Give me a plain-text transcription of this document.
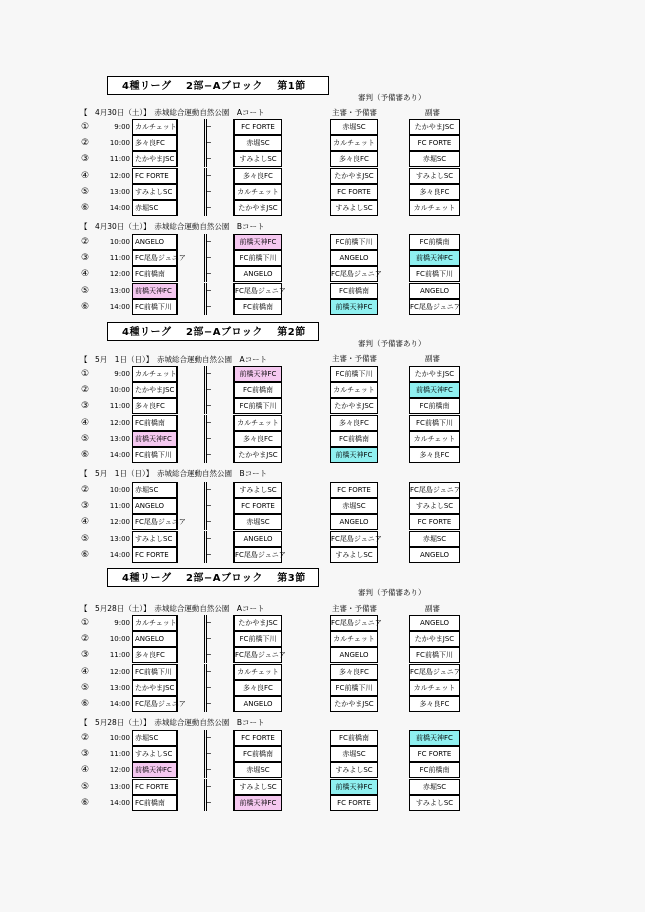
4種リーグ　 2部−Aブロック　 第1節
4種リーグ　 2部−Aブロック　 第2節
4種リーグ　 2部−Aブロック　 第3節
審判（予備審あり）
主審・予備審	副審
審判（予備審あり）
主審・予備審	副審
審判（予備審あり）
主審・予備審	副審
【　4月30日（土）】　赤城総合運動自然公園　Aコート
①	9:00 カルチェット	−	FC FORTE	赤堀SC	たかやまJSC
②	10:00 多々良FC	−	赤堀SC	カルチェット	FC FORTE
③	11:00 たかやまJSC	−	すみよしSC	多々良FC	赤堀SC
④	12:00 FC FORTE	−	多々良FC	たかやまJSC	すみよしSC
⑤	13:00 すみよしSC	−	カルチェット	FC FORTE	多々良FC
⑥	14:00 赤堀SC	−	たかやまJSC	すみよしSC	カルチェット
【　4月30日（土）】　赤城総合運動自然公園　Bコート
②	10:00 ANGELO	−	前橋天神FC	FC前橋下川	FC前橋南
③	11:00 FC尾島ジュニア −	FC前橋下川	ANGELO	前橋天神FC
④	12:00 FC前橋南	−	ANGELO	FC尾島ジュニア	FC前橋下川
⑤	13:00 前橋天神FC	−	FC尾島ジュニア	FC前橋南	ANGELO
⑥	14:00 FC前橋下川	−	FC前橋南	前橋天神FC	FC尾島ジュニア
【　5月　1日（日）】　赤城総合運動自然公園　Aコート
①	9:00 カルチェット	−	前橋天神FC	FC前橋下川	たかやまJSC
②	10:00 たかやまJSC	−	FC前橋南	カルチェット	前橋天神FC
③	11:00 多々良FC	−	FC前橋下川	たかやまJSC	FC前橋南
④	12:00 FC前橋南	−	カルチェット	多々良FC	FC前橋下川
⑤	13:00 前橋天神FC	−	多々良FC	FC前橋南	カルチェット
⑥	14:00 FC前橋下川	−	たかやまJSC	前橋天神FC	多々良FC
【　5月　1日（日）】　赤城総合運動自然公園　Bコート
②	10:00 赤堀SC	−	すみよしSC	FC FORTE	FC尾島ジュニア
③	11:00 ANGELO	−	FC FORTE	赤堀SC	すみよしSC
④	12:00 FC尾島ジュニア −	赤堀SC	ANGELO	FC FORTE
⑤	13:00 すみよしSC	−	ANGELO	FC尾島ジュニア	赤堀SC
⑥	14:00 FC FORTE	−	FC尾島ジュニア	すみよしSC	ANGELO
【　5月28日（土）】　赤城総合運動自然公園　Aコート
①	9:00 カルチェット	−	たかやまJSC	FC尾島ジュニア	ANGELO
②	10:00 ANGELO	−	FC前橋下川	カルチェット	たかやまJSC
③	11:00 多々良FC	−	FC尾島ジュニア	ANGELO	FC前橋下川
④	12:00 FC前橋下川	−	カルチェット	多々良FC	FC尾島ジュニア
⑤	13:00 たかやまJSC	−	多々良FC	FC前橋下川	カルチェット
⑥	14:00 FC尾島ジュニア −	ANGELO	たかやまJSC	多々良FC
【　5月28日（土）】　赤城総合運動自然公園　Bコート
②	10:00 赤堀SC	−	FC FORTE	FC前橋南	前橋天神FC
③	11:00 すみよしSC	−	FC前橋南	赤堀SC	FC FORTE
④	12:00 前橋天神FC	−	赤堀SC	すみよしSC	FC前橋南
⑤	13:00 FC FORTE	−	すみよしSC	前橋天神FC	赤堀SC
⑥	14:00 FC前橋南	−	前橋天神FC	FC FORTE	すみよしSC
